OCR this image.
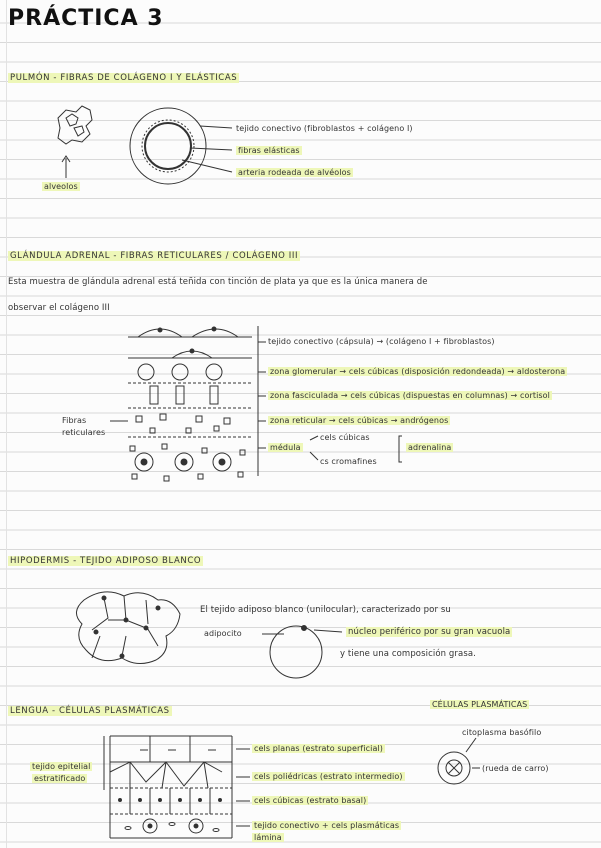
PRÁCTICA 3
PULMÓN - FIBRAS DE COLÁGENO I Y ELÁSTICAS
tejido conectivo (fibroblastos + colágeno I)
fibras elásticas
arteria rodeada de alvéolos
alveolos
GLÁNDULA ADRENAL - FIBRAS RETICULARES / COLÁGENO III
Esta muestra de glándula adrenal está teñida con tinción de plata ya que es la única manera de
observar el colágeno III
Fibras
reticulares
tejido conectivo (cápsula) → (colágeno I + fibroblastos)
zona glomerular → cels cúbicas (disposición redondeada) → aldosterona
zona fasciculada → cels cúbicas (dispuestas en columnas) → cortisol
zona reticular → cels cúbicas → andrógenos
médula
cels cúbicas
cs cromafines
adrenalina
HIPODERMIS - TEJIDO ADIPOSO BLANCO
El tejido adiposo blanco (unilocular), caracterizado por su
adipocito	núcleo periférico por su gran vacuola
y tiene una composición grasa.
LENGUA - CÉLULAS PLASMÁTICAS
CÉLULAS PLASMÁTICAS
citoplasma basófilo
(rueda de carro)
tejido epitelial
estratificado
cels planas (estrato superficial)
cels poliédricas (estrato intermedio)
cels cúbicas (estrato basal)
tejido conectivo + cels plasmáticas
lámina
